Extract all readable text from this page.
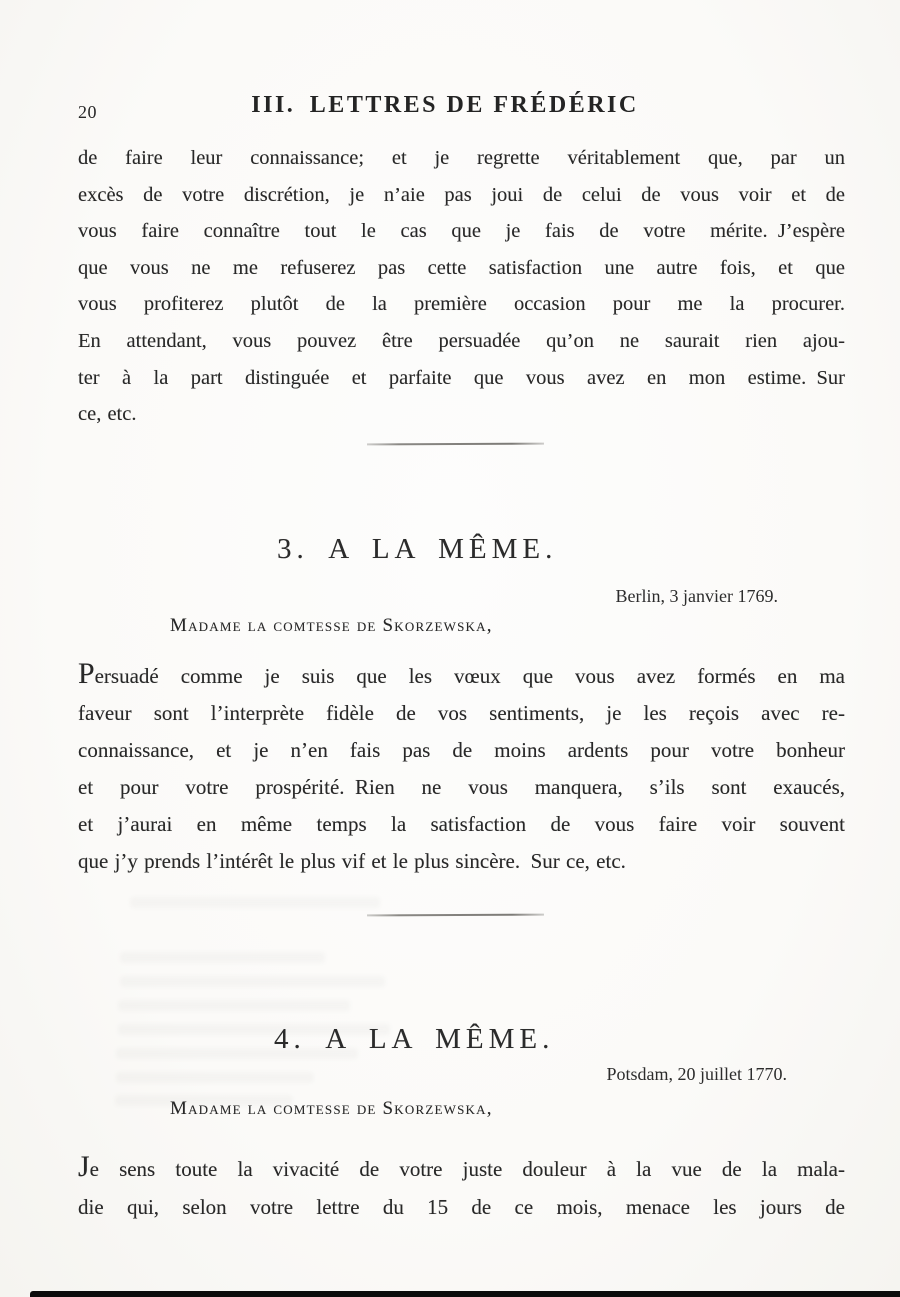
20	III. LETTRES DE FRÉDÉRIC
de faire leur connaissance; et je regrette véritablement que, par un
excès de votre discrétion, je n’aie pas joui de celui de vous voir et de
vous faire connaître tout le cas que je fais de votre mérite. J’espère
que vous ne me refuserez pas cette satisfaction une autre fois, et que
vous profiterez plutôt de la première occasion pour me la procurer.
En attendant, vous pouvez être persuadée qu’on ne saurait rien ajou-
ter à la part distinguée et parfaite que vous avez en mon estime. Sur
ce, etc.
3. A LA MÊME.
Berlin, 3 janvier 1769.
Madame la comtesse de Skorzewska,
Persuadé comme je suis que les vœux que vous avez formés en ma
faveur sont l’interprète fidèle de vos sentiments, je les reçois avec re-
connaissance, et je n’en fais pas de moins ardents pour votre bonheur
et pour votre prospérité. Rien ne vous manquera, s’ils sont exaucés,
et j’aurai en même temps la satisfaction de vous faire voir souvent
que j’y prends l’intérêt le plus vif et le plus sincère. Sur ce, etc.
4. A LA MÊME.
Potsdam, 20 juillet 1770.
Madame la comtesse de Skorzewska,
Je sens toute la vivacité de votre juste douleur à la vue de la mala-
die qui, selon votre lettre du 15 de ce mois, menace les jours de
